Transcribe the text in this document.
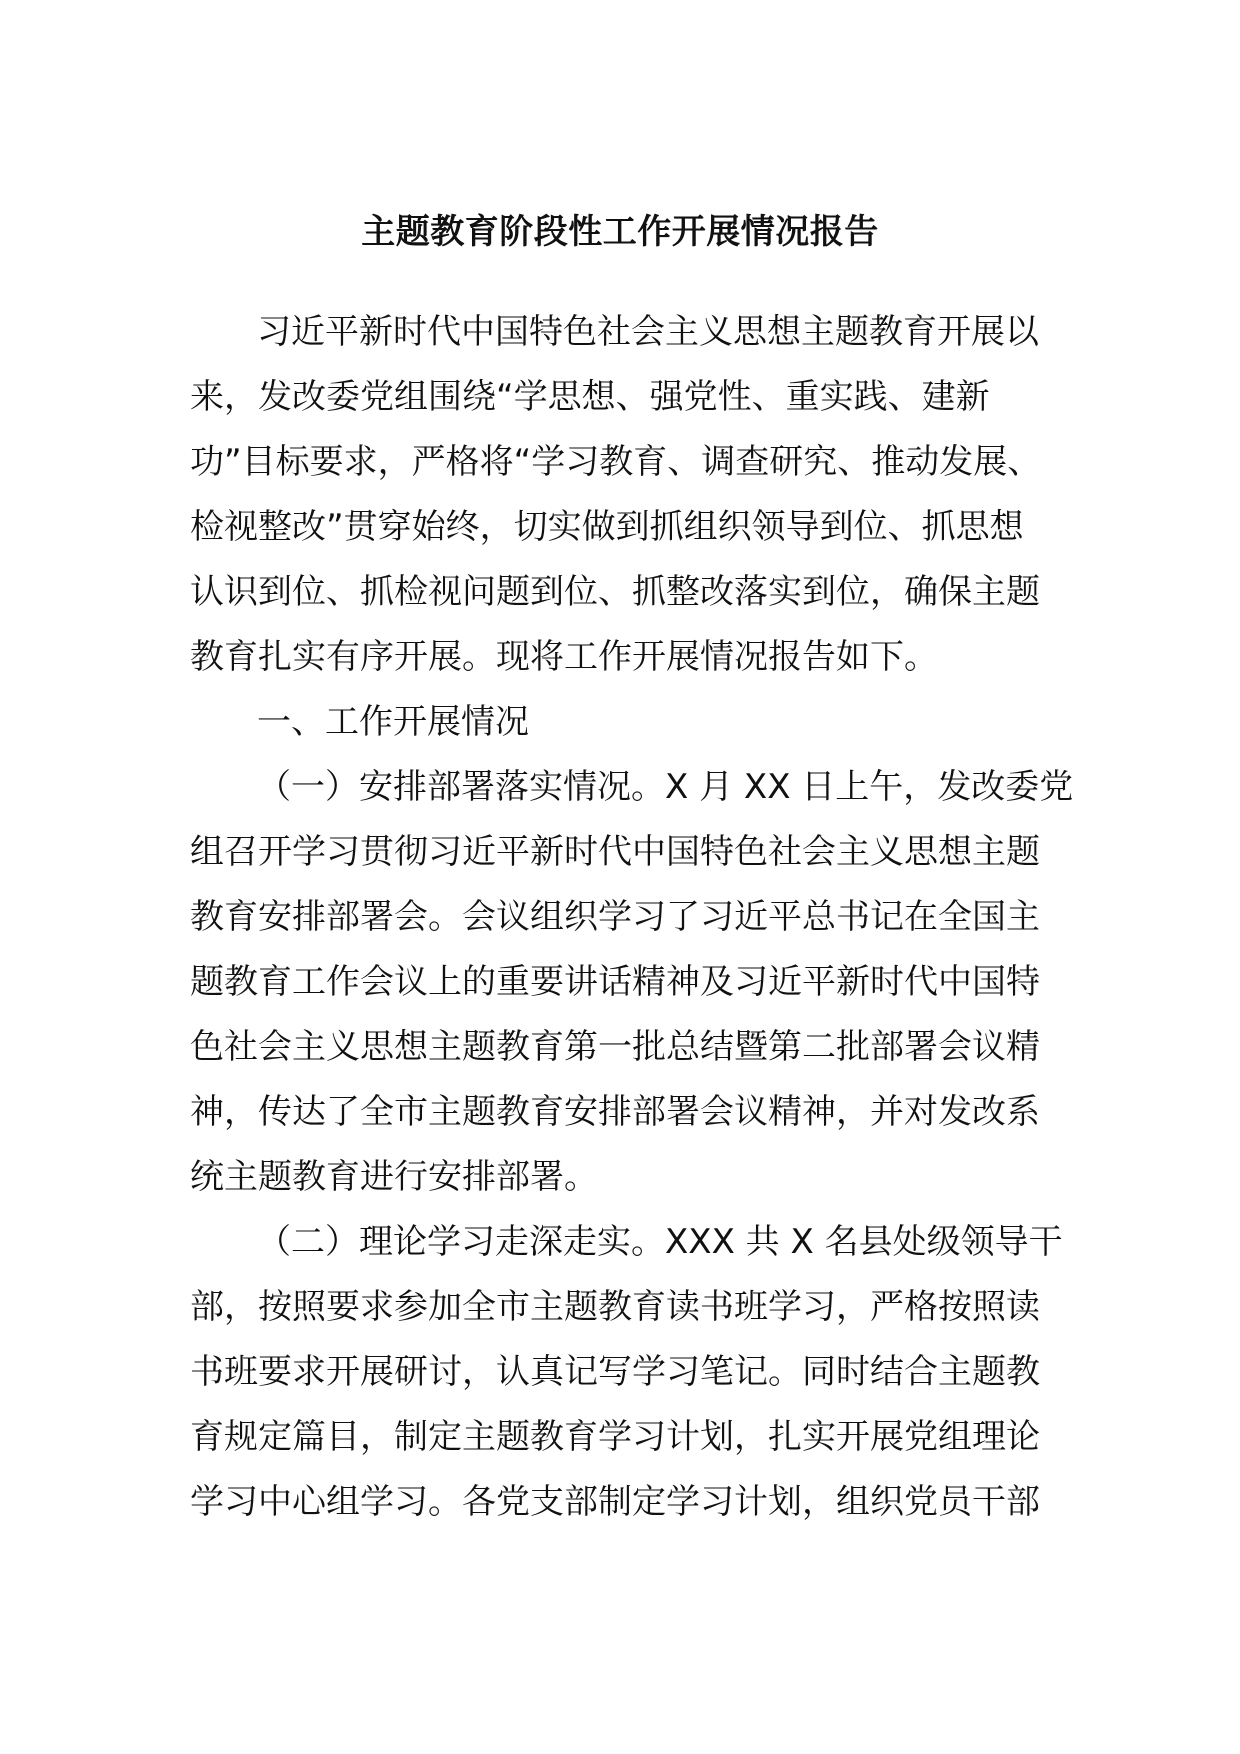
主题教育阶段性工作开展情况报告
习近平新时代中国特色社会主义思想主题教育开展以
来，发改委党组围绕“学思想、强党性、重实践、建新
功”目标要求，严格将“学习教育、调查研究、推动发展、
检视整改”贯穿始终，切实做到抓组织领导到位、抓思想
认识到位、抓检视问题到位、抓整改落实到位，确保主题
教育扎实有序开展。现将工作开展情况报告如下。
一、工作开展情况
（一）安排部署落实情况。X 月 XX 日上午，发改委党
组召开学习贯彻习近平新时代中国特色社会主义思想主题
教育安排部署会。会议组织学习了习近平总书记在全国主
题教育工作会议上的重要讲话精神及习近平新时代中国特
色社会主义思想主题教育第一批总结暨第二批部署会议精
神，传达了全市主题教育安排部署会议精神，并对发改系
统主题教育进行安排部署。
（二）理论学习走深走实。XXX 共 X 名县处级领导干
部，按照要求参加全市主题教育读书班学习，严格按照读
书班要求开展研讨，认真记写学习笔记。同时结合主题教
育规定篇目，制定主题教育学习计划，扎实开展党组理论
学习中心组学习。各党支部制定学习计划，组织党员干部
